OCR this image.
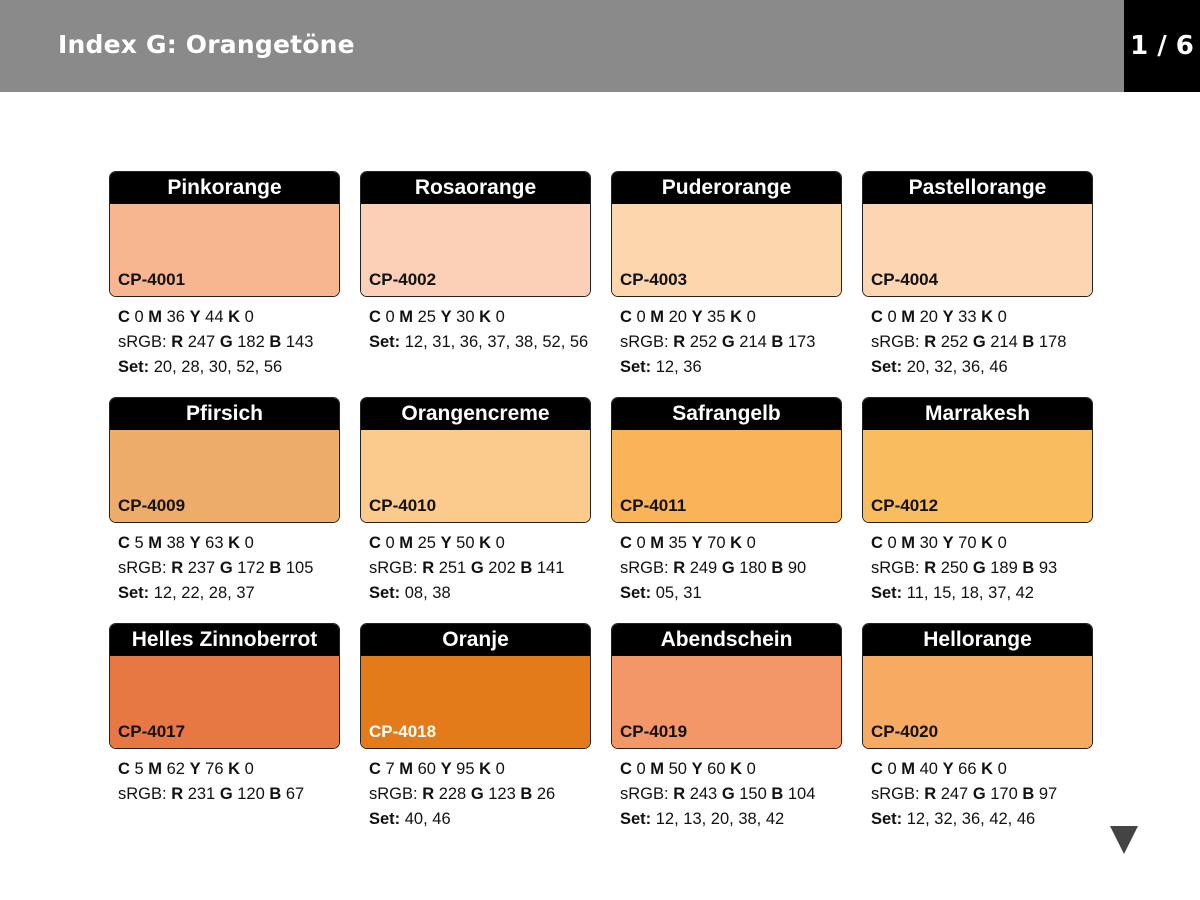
Index G: Orangetöne	1 / 6
Pinkorange
CP-4001
C 0 M 36 Y 44 K 0
sRGB: R 247 G 182 B 143
Set: 20, 28, 30, 52, 56
Rosaorange
CP-4002
C 0 M 25 Y 30 K 0
Set: 12, 31, 36, 37, 38, 52, 56
Puderorange
CP-4003
C 0 M 20 Y 35 K 0
sRGB: R 252 G 214 B 173
Set: 12, 36
Pastellorange
CP-4004
C 0 M 20 Y 33 K 0
sRGB: R 252 G 214 B 178
Set: 20, 32, 36, 46
Pfirsich
CP-4009
C 5 M 38 Y 63 K 0
sRGB: R 237 G 172 B 105
Set: 12, 22, 28, 37
Orangencreme
CP-4010
C 0 M 25 Y 50 K 0
sRGB: R 251 G 202 B 141
Set: 08, 38
Safrangelb
CP-4011
C 0 M 35 Y 70 K 0
sRGB: R 249 G 180 B 90
Set: 05, 31
Marrakesh
CP-4012
C 0 M 30 Y 70 K 0
sRGB: R 250 G 189 B 93
Set: 11, 15, 18, 37, 42
Helles Zinnoberrot
CP-4017
C 5 M 62 Y 76 K 0
sRGB: R 231 G 120 B 67
Oranje
CP-4018
C 7 M 60 Y 95 K 0
sRGB: R 228 G 123 B 26
Set: 40, 46
Abendschein
CP-4019
C 0 M 50 Y 60 K 0
sRGB: R 243 G 150 B 104
Set: 12, 13, 20, 38, 42
Hellorange
CP-4020
C 0 M 40 Y 66 K 0
sRGB: R 247 G 170 B 97
Set: 12, 32, 36, 42, 46
